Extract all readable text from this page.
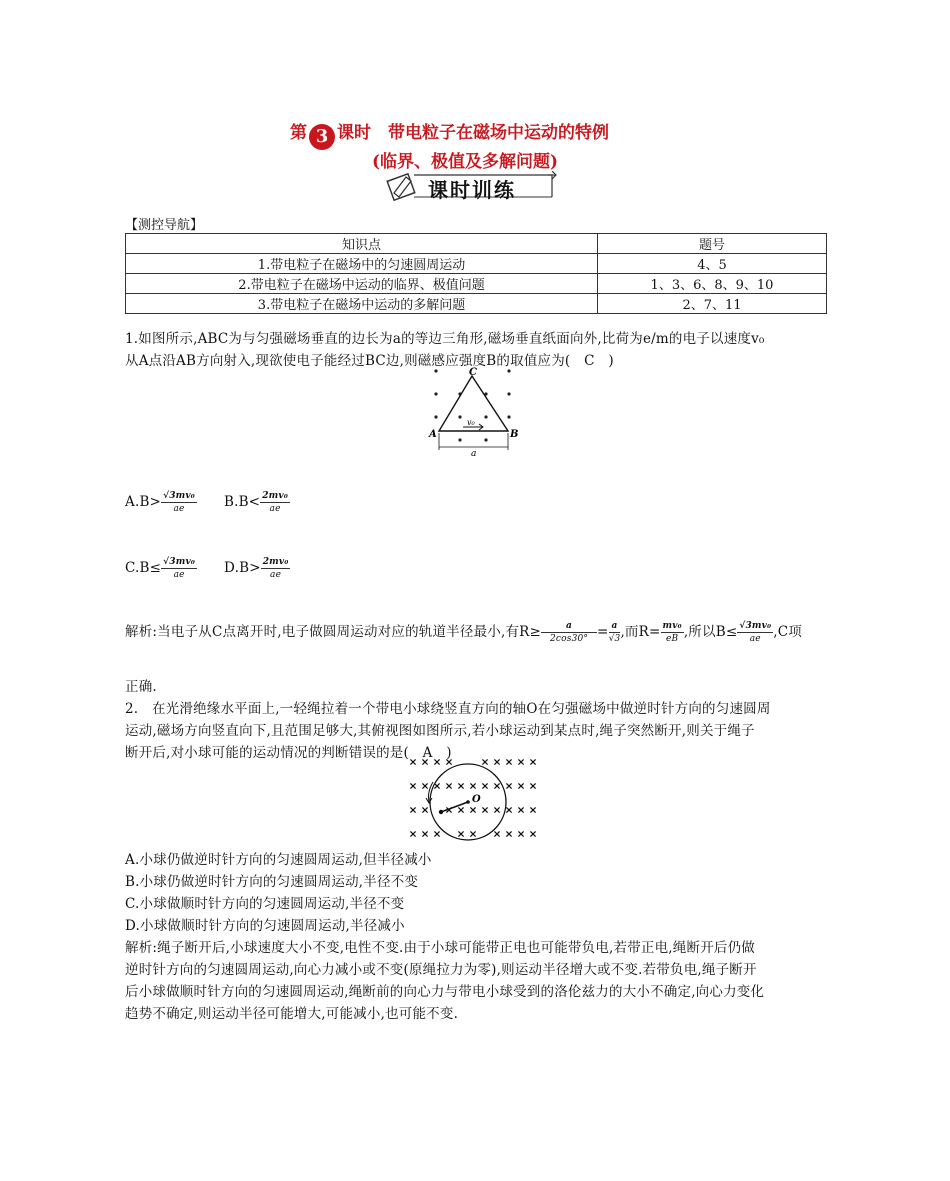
第 3 课时　带电粒子在磁场中运动的特例
(临界、极值及多解问题)
课时训练
【测控导航】
知识点	题号
1.带电粒子在磁场中的匀速圆周运动	4、5
2.带电粒子在磁场中运动的临界、极值问题	1、3、6、8、9、10
3.带电粒子在磁场中运动的多解问题	2、7、11
1.如图所示,ABC为与匀强磁场垂直的边长为a的等边三角形,磁场垂直纸面向外,比荷为e/m的电子以速度v₀
从A点沿AB方向射入,现欲使电子能经过BC边,则磁感应强度B的取值应为(　C　)
C
A	B
v₀
a
$A.B> \frac{\text{√3mv₀}}{ae} B.B< \frac{\text{2mv₀}}{ae}$
$C.B\le \frac{\text{√3mv₀}}{ae} D.B> \frac{\text{2mv₀}}{ae}$
解析:当电子从C点离开时,电子做圆周运动对应的轨道半径最小,有$R\ge \frac{a}{2\cos 30^\circ} = \frac{a}{√3}$ ,而$R= \frac{\text{mv₀}}{eB}$ ,所以$B\le \frac{\text{√3mv₀}}{ae} ,C$项
正确.
2.　在光滑绝缘水平面上,一轻绳拉着一个带电小球绕竖直方向的轴O在匀强磁场中做逆时针方向的匀速圆周
运动,磁场方向竖直向下,且范围足够大,其俯视图如图所示,若小球运动到某点时,绳子突然断开,则关于绳子
断开后,对小球可能的运动情况的判断错误的是(　A　)
O
A.小球仍做逆时针方向的匀速圆周运动,但半径减小
B.小球仍做逆时针方向的匀速圆周运动,半径不变
C.小球做顺时针方向的匀速圆周运动,半径不变
D.小球做顺时针方向的匀速圆周运动,半径减小
解析:绳子断开后,小球速度大小不变,电性不变.由于小球可能带正电也可能带负电,若带正电,绳断开后仍做
逆时针方向的匀速圆周运动,向心力减小或不变(原绳拉力为零),则运动半径增大或不变.若带负电,绳子断开
后小球做顺时针方向的匀速圆周运动,绳断前的向心力与带电小球受到的洛伦兹力的大小不确定,向心力变化
趋势不确定,则运动半径可能增大,可能减小,也可能不变.
